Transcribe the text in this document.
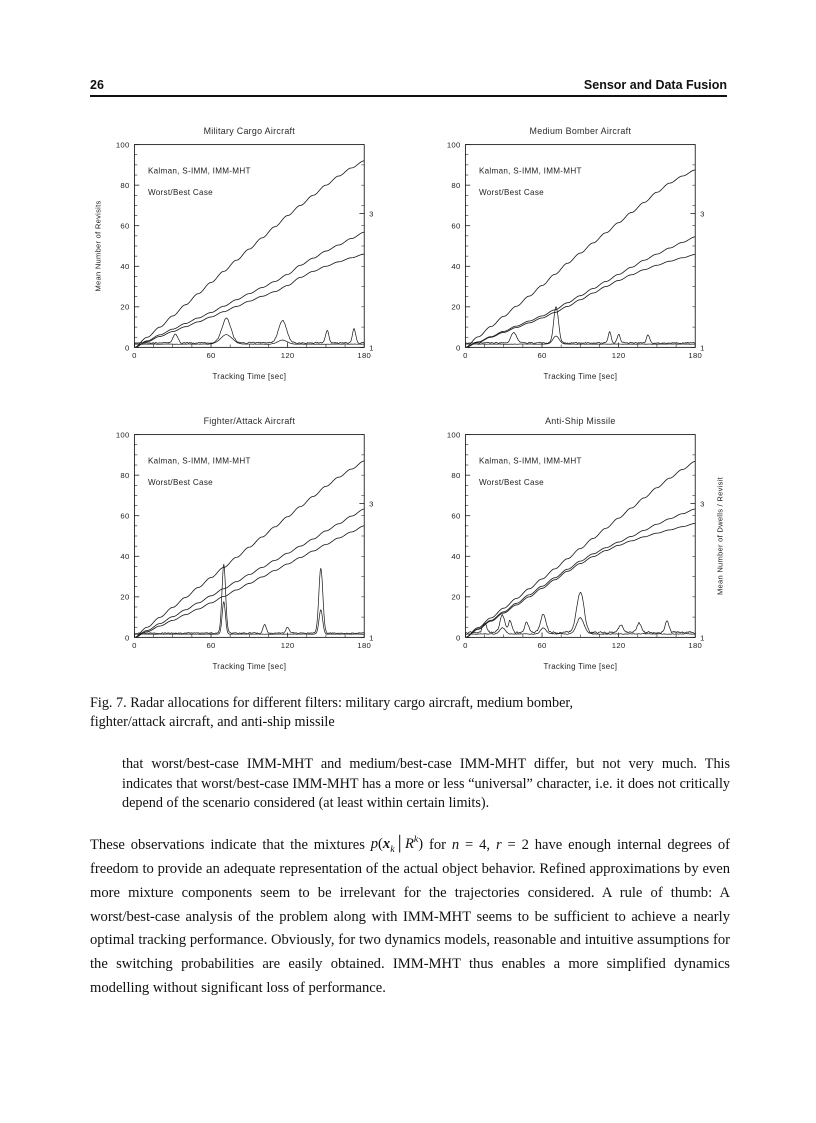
26	Sensor and Data Fusion
Military Cargo Aircraft
0
20
40
60
80
100
0	60	120	180
1
3
Tracking Time [sec]
Mean Number of Revisits
Kalman, S-IMM, IMM-MHT
Worst/Best Case
Medium Bomber Aircraft
0
20
40
60
80
100
0	60	120	180
1
3
Tracking Time [sec]
Kalman, S-IMM, IMM-MHT
Worst/Best Case
Fighter/Attack Aircraft
0
20
40
60
80
100
0	60	120	180
1
3
Tracking Time [sec]
Kalman, S-IMM, IMM-MHT
Worst/Best Case
Anti-Ship Missile
0
20
40
60
80
100
0	60	120	180
1
3
Tracking Time [sec]
Mean Number of Dwells / Revisit
Kalman, S-IMM, IMM-MHT
Worst/Best Case
Fig. 7. Radar allocations for different filters: military cargo aircraft, medium bomber,
fighter/attack aircraft, and anti-ship missile

that worst/best-case IMM-MHT and medium/best-case IMM-MHT differ, but not very much. This indicates that worst/best-case IMM-MHT has a more or less “universal” character, i.e. it does not critically depend of the scenario considered (at least within certain limits).

These observations indicate that the mixtures $p(x_k│R^k)$ for n = 4, r = 2 have enough internal degrees of freedom to provide an adequate representation of the actual object behavior. Refined approximations by even more mixture components seem to be irrelevant for the trajectories considered. A rule of thumb: A worst/best-case analysis of the problem along with IMM-MHT seems to be sufficient to achieve a nearly optimal tracking performance. Obviously, for two dynamics models, reasonable and intuitive assumptions for the switching probabilities are easily obtained. IMM-MHT thus enables a more simplified dynamics modelling without significant loss of performance.
